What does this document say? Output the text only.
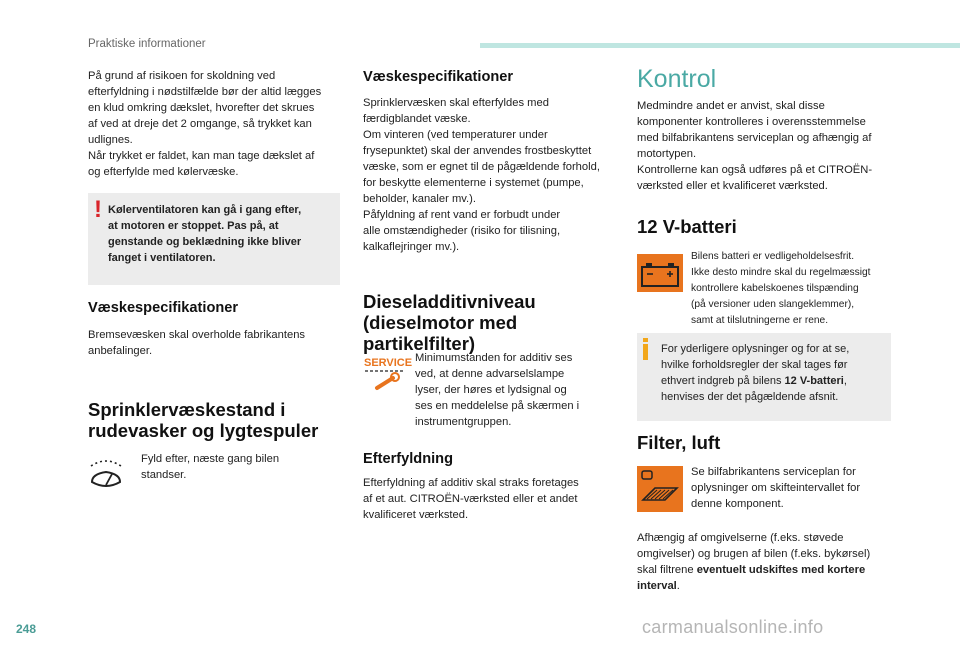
Praktiske informationer
På grund af risikoen for skoldning ved
efterfyldning i nødstilfælde bør der altid lægges
en klud omkring dækslet, hvorefter det skrues
af ved at dreje det 2 omgange, så trykket kan
udlignes.
Når trykket er faldet, kan man tage dækslet af
og efterfylde med kølervæske.
! Kølerventilatoren kan gå i gang efter,
at motoren er stoppet. Pas på, at
genstande og beklædning ikke bliver
fanget i ventilatoren.
Væskespecifikationer
Bremsevæsken skal overholde fabrikantens
anbefalinger.
Sprinklervæskestand i
rudevasker og lygtespuler
Fyld efter, næste gang bilen
standser.
Væskespecifikationer
Sprinklervæsken skal efterfyldes med
færdigblandet væske.
Om vinteren (ved temperaturer under
frysepunktet) skal der anvendes frostbeskyttet
væske, som er egnet til de pågældende forhold,
for beskytte elementerne i systemet (pumpe,
beholder, kanaler mv.).
Påfyldning af rent vand er forbudt under
alle omstændigheder (risiko for tilisning,
kalkaflejringer mv.).
Dieseladditivniveau
(dieselmotor med
partikelfilter)
SERVICE Minimumstanden for additiv ses
ved, at denne advarselslampe
lyser, der høres et lydsignal og
ses en meddelelse på skærmen i
instrumentgruppen.
Efterfyldning
Efterfyldning af additiv skal straks foretages
af et aut. CITROËN-værksted eller et andet
kvalificeret værksted.
Kontrol
Medmindre andet er anvist, skal disse
komponenter kontrolleres i overensstemmelse
med bilfabrikantens serviceplan og afhængig af
motortypen.
Kontrollerne kan også udføres på et CITROËN-
værksted eller et kvalificeret værksted.
12 V-batteri
Bilens batteri er vedligeholdelsesfrit.
Ikke desto mindre skal du regelmæssigt
kontrollere kabelskoenes tilspænding
(på versioner uden slangeklemmer),
samt at tilslutningerne er rene.
For yderligere oplysninger og for at se,
hvilke forholdsregler der skal tages før
ethvert indgreb på bilens 12 V-batteri,
henvises der det pågældende afsnit.
Filter, luft
Se bilfabrikantens serviceplan for
oplysninger om skifteintervallet for
denne komponent.
Afhængig af omgivelserne (f.eks. støvede
omgivelser) og brugen af bilen (f.eks. bykørsel)
skal filtrene eventuelt udskiftes med kortere
interval.
248	carmanualsonline.info
